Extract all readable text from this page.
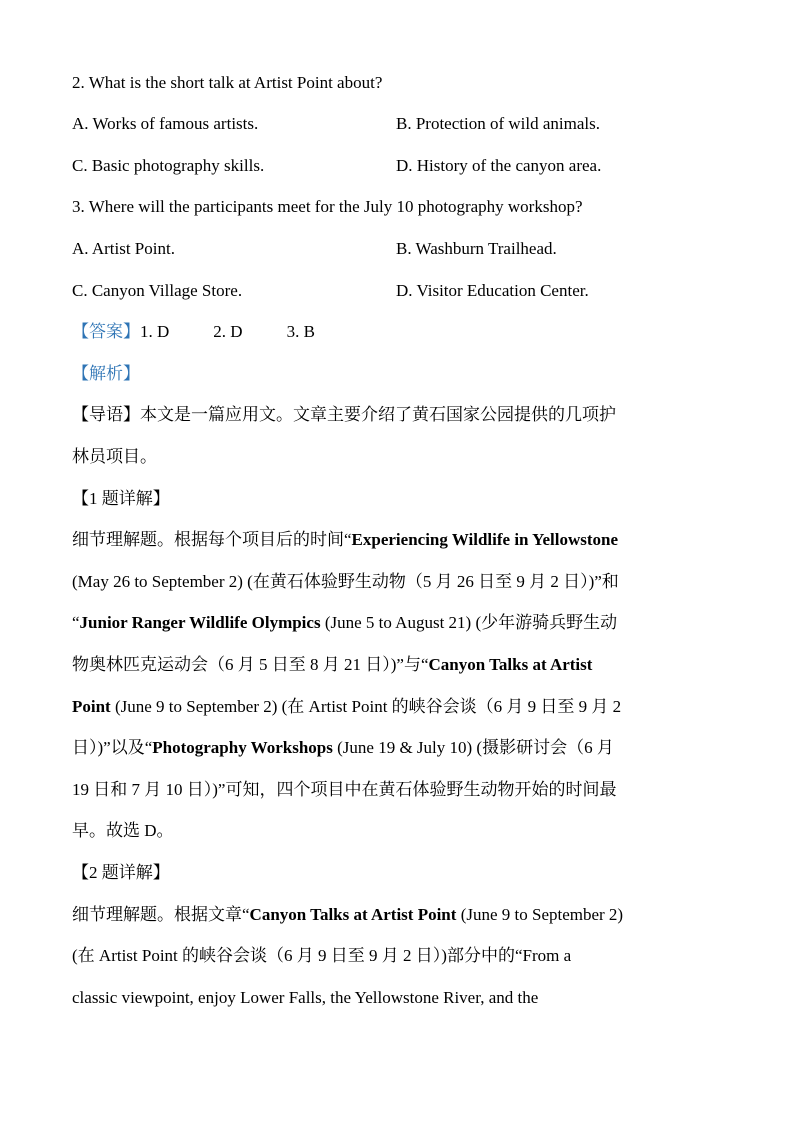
2. What is the short talk at Artist Point about?
A. Works of famous artists.	B. Protection of wild animals.
C. Basic photography skills.	D. History of the canyon area.
3. Where will the participants meet for the July 10 photography workshop?
A. Artist Point.	B. Washburn Trailhead.
C. Canyon Village Store.	D. Visitor Education Center.
【答案】1. D	2. D	3. B
【解析】
【导语】本文是一篇应用文。文章主要介绍了黄石国家公园提供的几项护
林员项目。
【1 题详解】
细节理解题。根据每个项目后的时间“Experiencing Wildlife in Yellowstone
(May 26 to September 2) (在黄石体验野生动物（5 月 26 日至 9 月 2 日）)”和
“Junior Ranger Wildlife Olympics (June 5 to August 21) (少年游骑兵野生动
物奥林匹克运动会（6 月 5 日至 8 月 21 日）)”与“Canyon Talks at Artist
Point (June 9 to September 2) (在 Artist Point 的峡谷会谈（6 月 9 日至 9 月 2
日）)”以及“Photography Workshops (June 19 & July 10) (摄影研讨会（6 月
19 日和 7 月 10 日）)”可知，四个项目中在黄石体验野生动物开始的时间最
早。故选 D。
【2 题详解】
细节理解题。根据文章“Canyon Talks at Artist Point (June 9 to September 2)
(在 Artist Point 的峡谷会谈（6 月 9 日至 9 月 2 日）)部分中的“From a
classic viewpoint, enjoy Lower Falls, the Yellowstone River, and the
